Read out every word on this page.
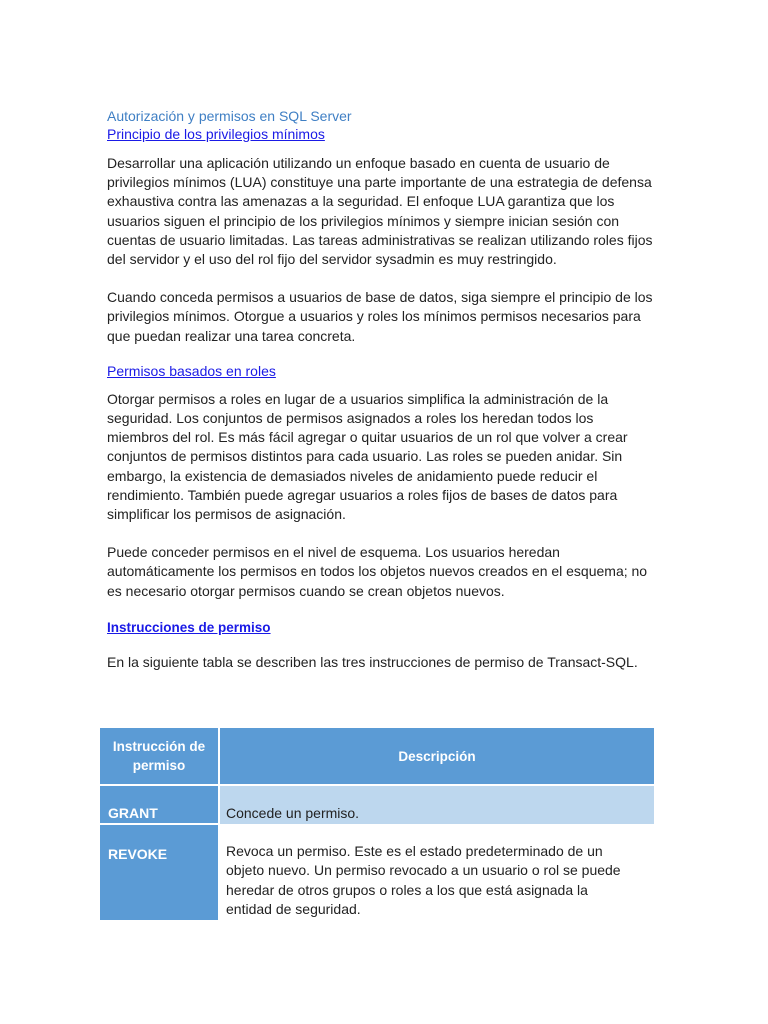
Autorización y permisos en SQL Server

Principio de los privilegios mínimos

Desarrollar una aplicación utilizando un enfoque basado en cuenta de usuario de privilegios mínimos (LUA) constituye una parte importante de una estrategia de defensa exhaustiva contra las amenazas a la seguridad. El enfoque LUA garantiza que los usuarios siguen el principio de los privilegios mínimos y siempre inician sesión con cuentas de usuario limitadas. Las tareas administrativas se realizan utilizando roles fijos del servidor y el uso del rol fijo del servidor sysadmin es muy restringido.

Cuando conceda permisos a usuarios de base de datos, siga siempre el principio de los privilegios mínimos. Otorgue a usuarios y roles los mínimos permisos necesarios para que puedan realizar una tarea concreta.

Permisos basados en roles

Otorgar permisos a roles en lugar de a usuarios simplifica la administración de la seguridad. Los conjuntos de permisos asignados a roles los heredan todos los miembros del rol. Es más fácil agregar o quitar usuarios de un rol que volver a crear conjuntos de permisos distintos para cada usuario. Las roles se pueden anidar. Sin embargo, la existencia de demasiados niveles de anidamiento puede reducir el rendimiento. También puede agregar usuarios a roles fijos de bases de datos para simplificar los permisos de asignación.

Puede conceder permisos en el nivel de esquema. Los usuarios heredan automáticamente los permisos en todos los objetos nuevos creados en el esquema; no es necesario otorgar permisos cuando se crean objetos nuevos.

Instrucciones de permiso

En la siguiente tabla se describen las tres instrucciones de permiso de Transact-SQL.

Instrucción de permiso	Descripción
GRANT	Concede un permiso.
REVOKE	Revoca un permiso. Este es el estado predeterminado de un objeto nuevo. Un permiso revocado a un usuario o rol se puede heredar de otros grupos o roles a los que está asignada la entidad de seguridad.
